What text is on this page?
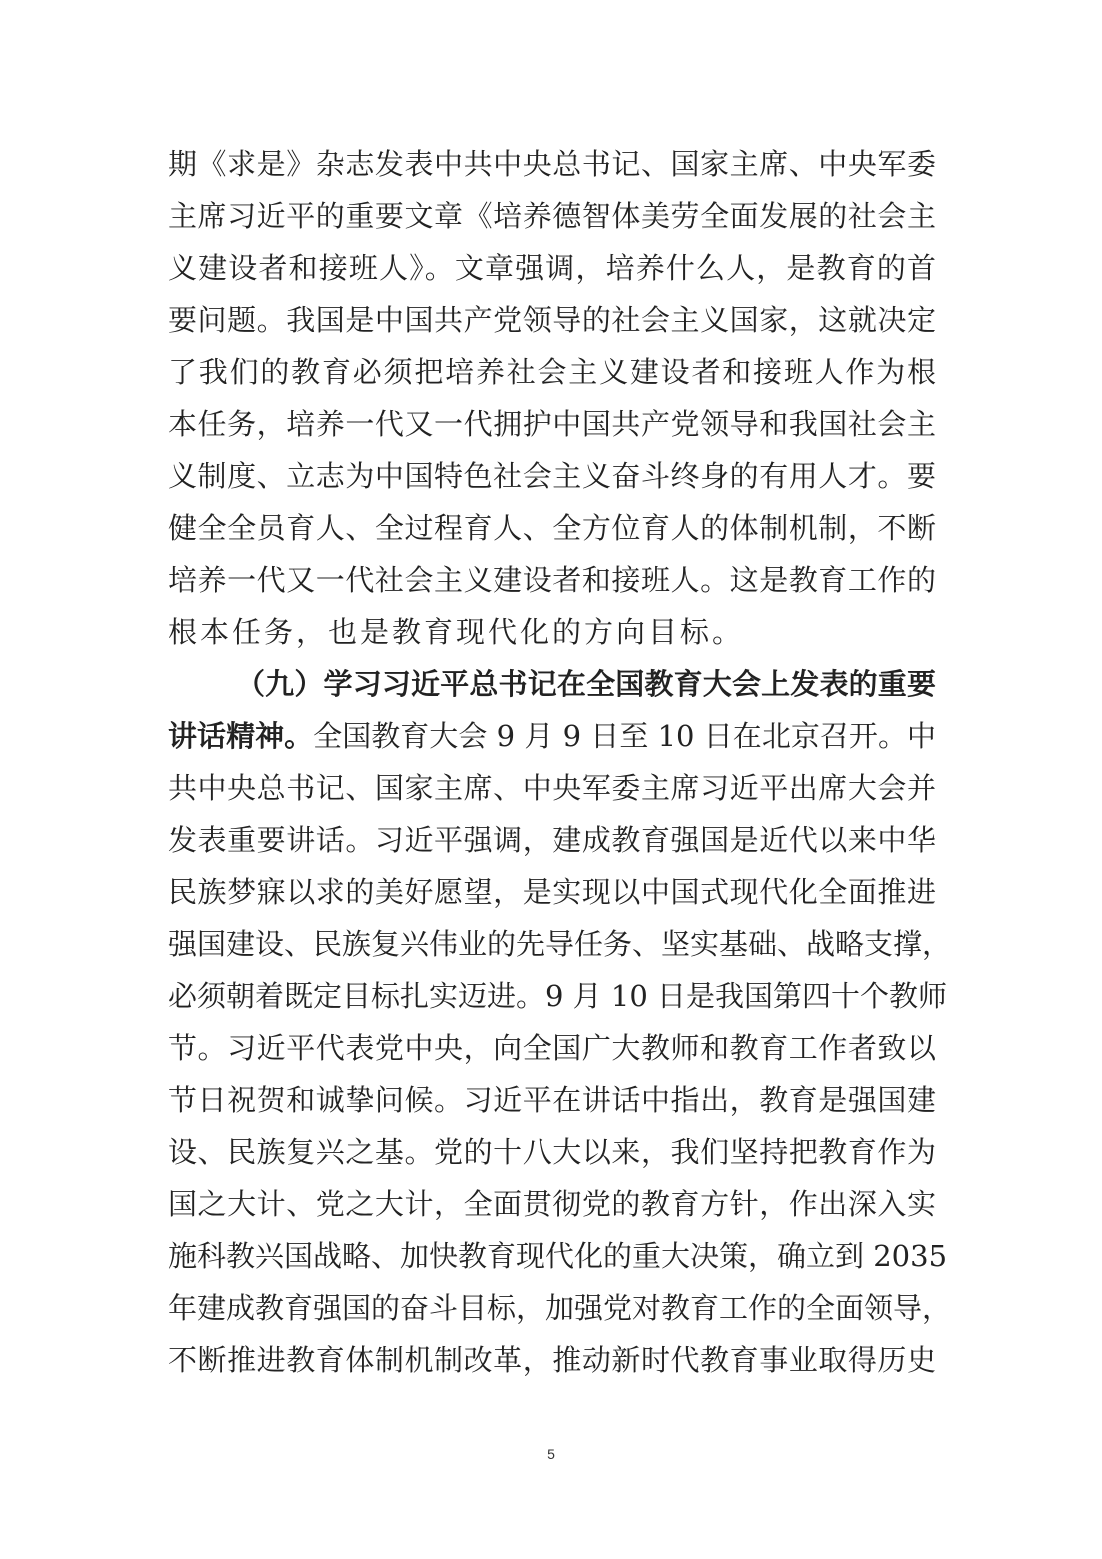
期《求是》杂志发表中共中央总书记、国家主席、中央军委
主席习近平的重要文章《培养德智体美劳全面发展的社会主
义建设者和接班人》。文章强调，培养什么人，是教育的首
要问题。我国是中国共产党领导的社会主义国家，这就决定
了我们的教育必须把培养社会主义建设者和接班人作为根
本任务，培养一代又一代拥护中国共产党领导和我国社会主
义制度、立志为中国特色社会主义奋斗终身的有用人才。要
健全全员育人、全过程育人、全方位育人的体制机制，不断
培养一代又一代社会主义建设者和接班人。这是教育工作的
根本任务，也是教育现代化的方向目标。
（九）学习习近平总书记在全国教育大会上发表的重要
讲话精神。全国教育大会 9 月 9 日至 10 日在北京召开。中
共中央总书记、国家主席、中央军委主席习近平出席大会并
发表重要讲话。习近平强调，建成教育强国是近代以来中华
民族梦寐以求的美好愿望，是实现以中国式现代化全面推进
强国建设、民族复兴伟业的先导任务、坚实基础、战略支撑，
必须朝着既定目标扎实迈进。9 月 10 日是我国第四十个教师
节。习近平代表党中央，向全国广大教师和教育工作者致以
节日祝贺和诚挚问候。习近平在讲话中指出，教育是强国建
设、民族复兴之基。党的十八大以来，我们坚持把教育作为
国之大计、党之大计，全面贯彻党的教育方针，作出深入实
施科教兴国战略、加快教育现代化的重大决策，确立到 2035
年建成教育强国的奋斗目标，加强党对教育工作的全面领导，
不断推进教育体制机制改革，推动新时代教育事业取得历史
5
